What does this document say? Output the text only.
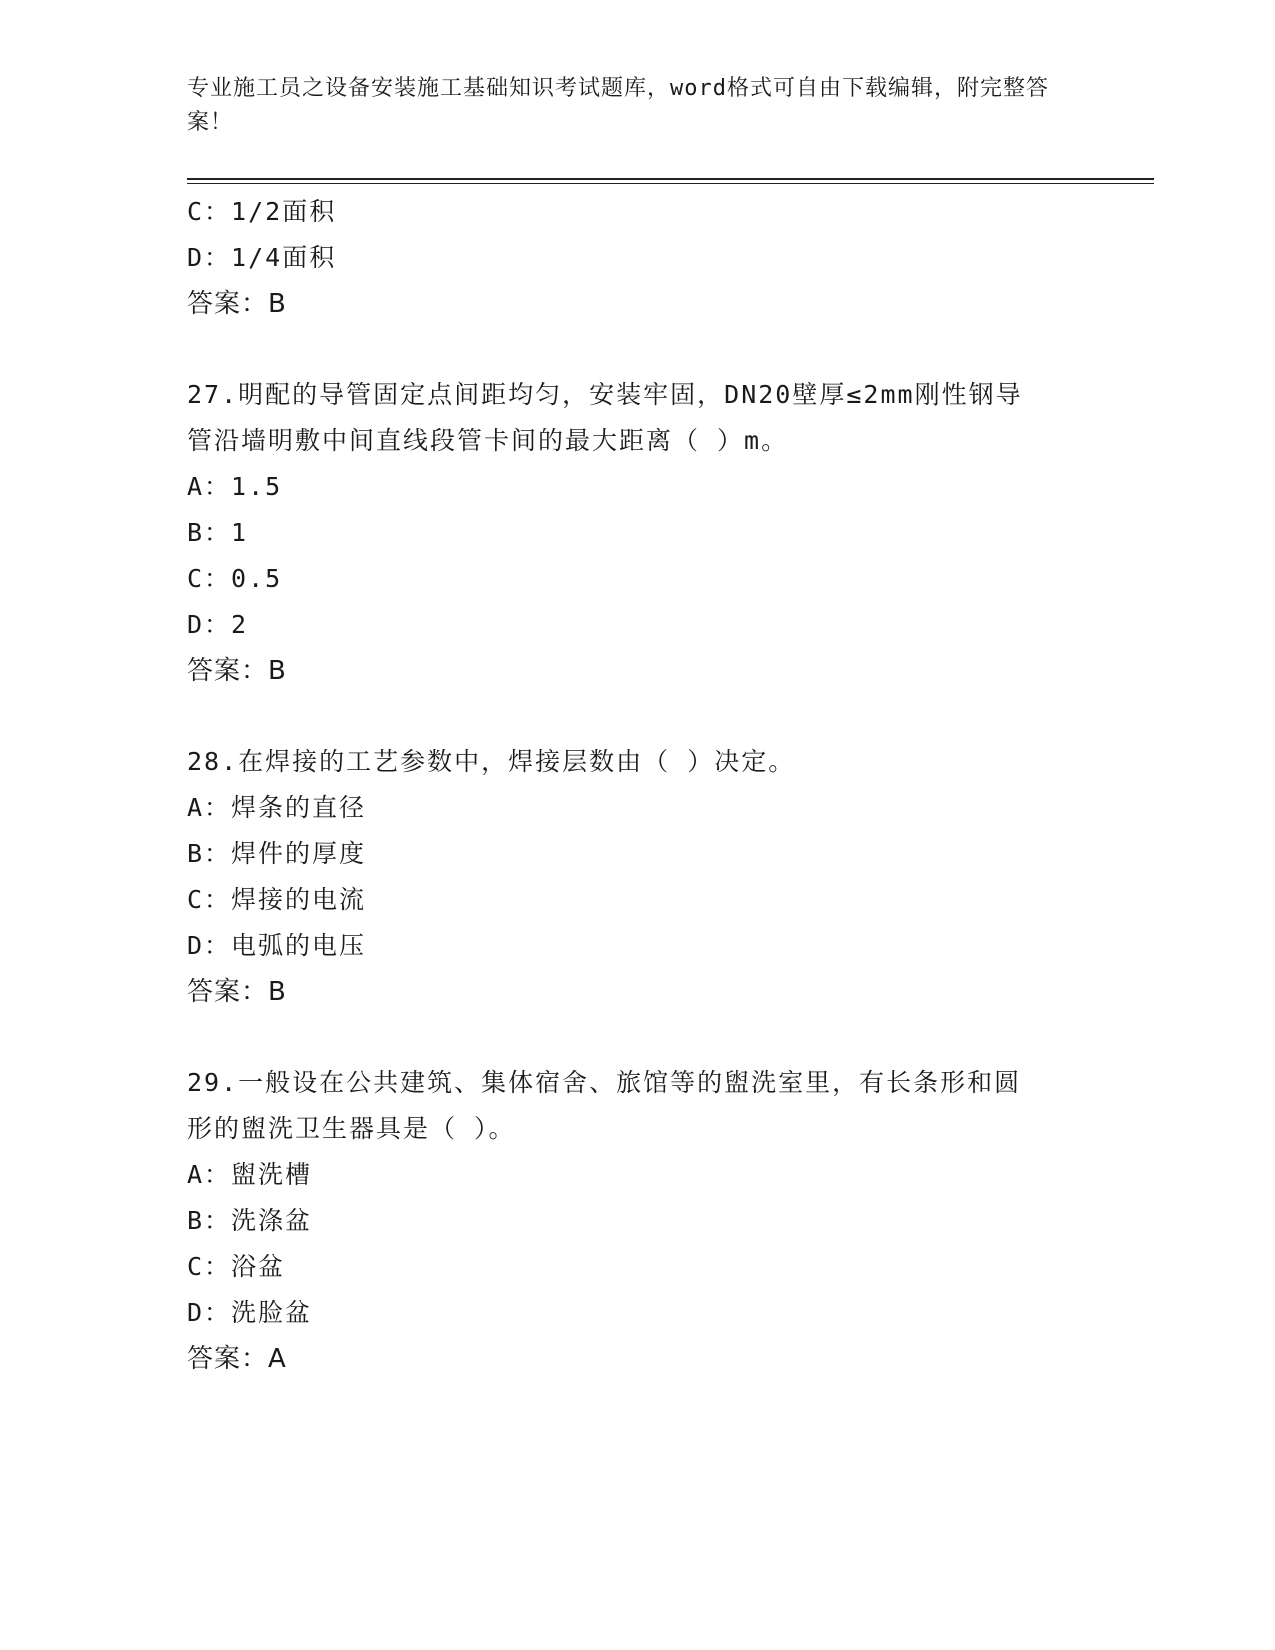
专业施工员之设备安装施工基础知识考试题库，word格式可自由下载编辑，附完整答案！
C：1/2面积
D：1/4面积
答案：B
27.明配的导管固定点间距均匀，安装牢固，DN20壁厚≤2mm刚性钢导
管沿墙明敷中间直线段管卡间的最大距离（ ）m。
A：1.5
B：1
C：0.5
D：2
答案：B
28.在焊接的工艺参数中，焊接层数由（ ）决定。
A：焊条的直径
B：焊件的厚度
C：焊接的电流
D：电弧的电压
答案：B
29.一般设在公共建筑、集体宿舍、旅馆等的盥洗室里，有长条形和圆
形的盥洗卫生器具是（ ）。
A：盥洗槽
B：洗涤盆
C：浴盆
D：洗脸盆
答案：A
